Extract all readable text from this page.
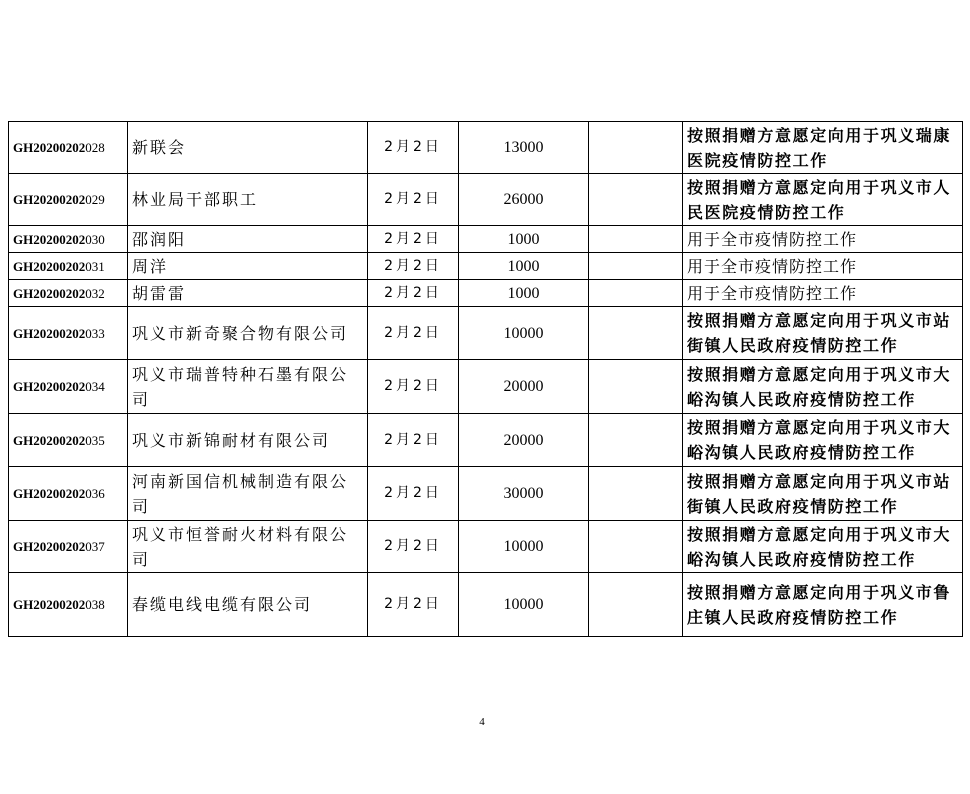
GH20200202028	新联会	2月2日	13000		按照捐赠方意愿定向用于巩义瑞康医院疫情防控工作
GH20200202029	林业局干部职工	2月2日	26000		按照捐赠方意愿定向用于巩义市人民医院疫情防控工作
GH20200202030	邵润阳	2月2日	1000		用于全市疫情防控工作
GH20200202031	周洋	2月2日	1000		用于全市疫情防控工作
GH20200202032	胡雷雷	2月2日	1000		用于全市疫情防控工作
GH20200202033	巩义市新奇聚合物有限公司	2月2日	10000		按照捐赠方意愿定向用于巩义市站街镇人民政府疫情防控工作
GH20200202034	巩义市瑞普特种石墨有限公司	2月2日	20000		按照捐赠方意愿定向用于巩义市大峪沟镇人民政府疫情防控工作
GH20200202035	巩义市新锦耐材有限公司	2月2日	20000		按照捐赠方意愿定向用于巩义市大峪沟镇人民政府疫情防控工作
GH20200202036	河南新国信机械制造有限公司	2月2日	30000		按照捐赠方意愿定向用于巩义市站街镇人民政府疫情防控工作
GH20200202037	巩义市恒誉耐火材料有限公司	2月2日	10000		按照捐赠方意愿定向用于巩义市大峪沟镇人民政府疫情防控工作
GH20200202038	春缆电线电缆有限公司	2月2日	10000		按照捐赠方意愿定向用于巩义市鲁庄镇人民政府疫情防控工作
4
